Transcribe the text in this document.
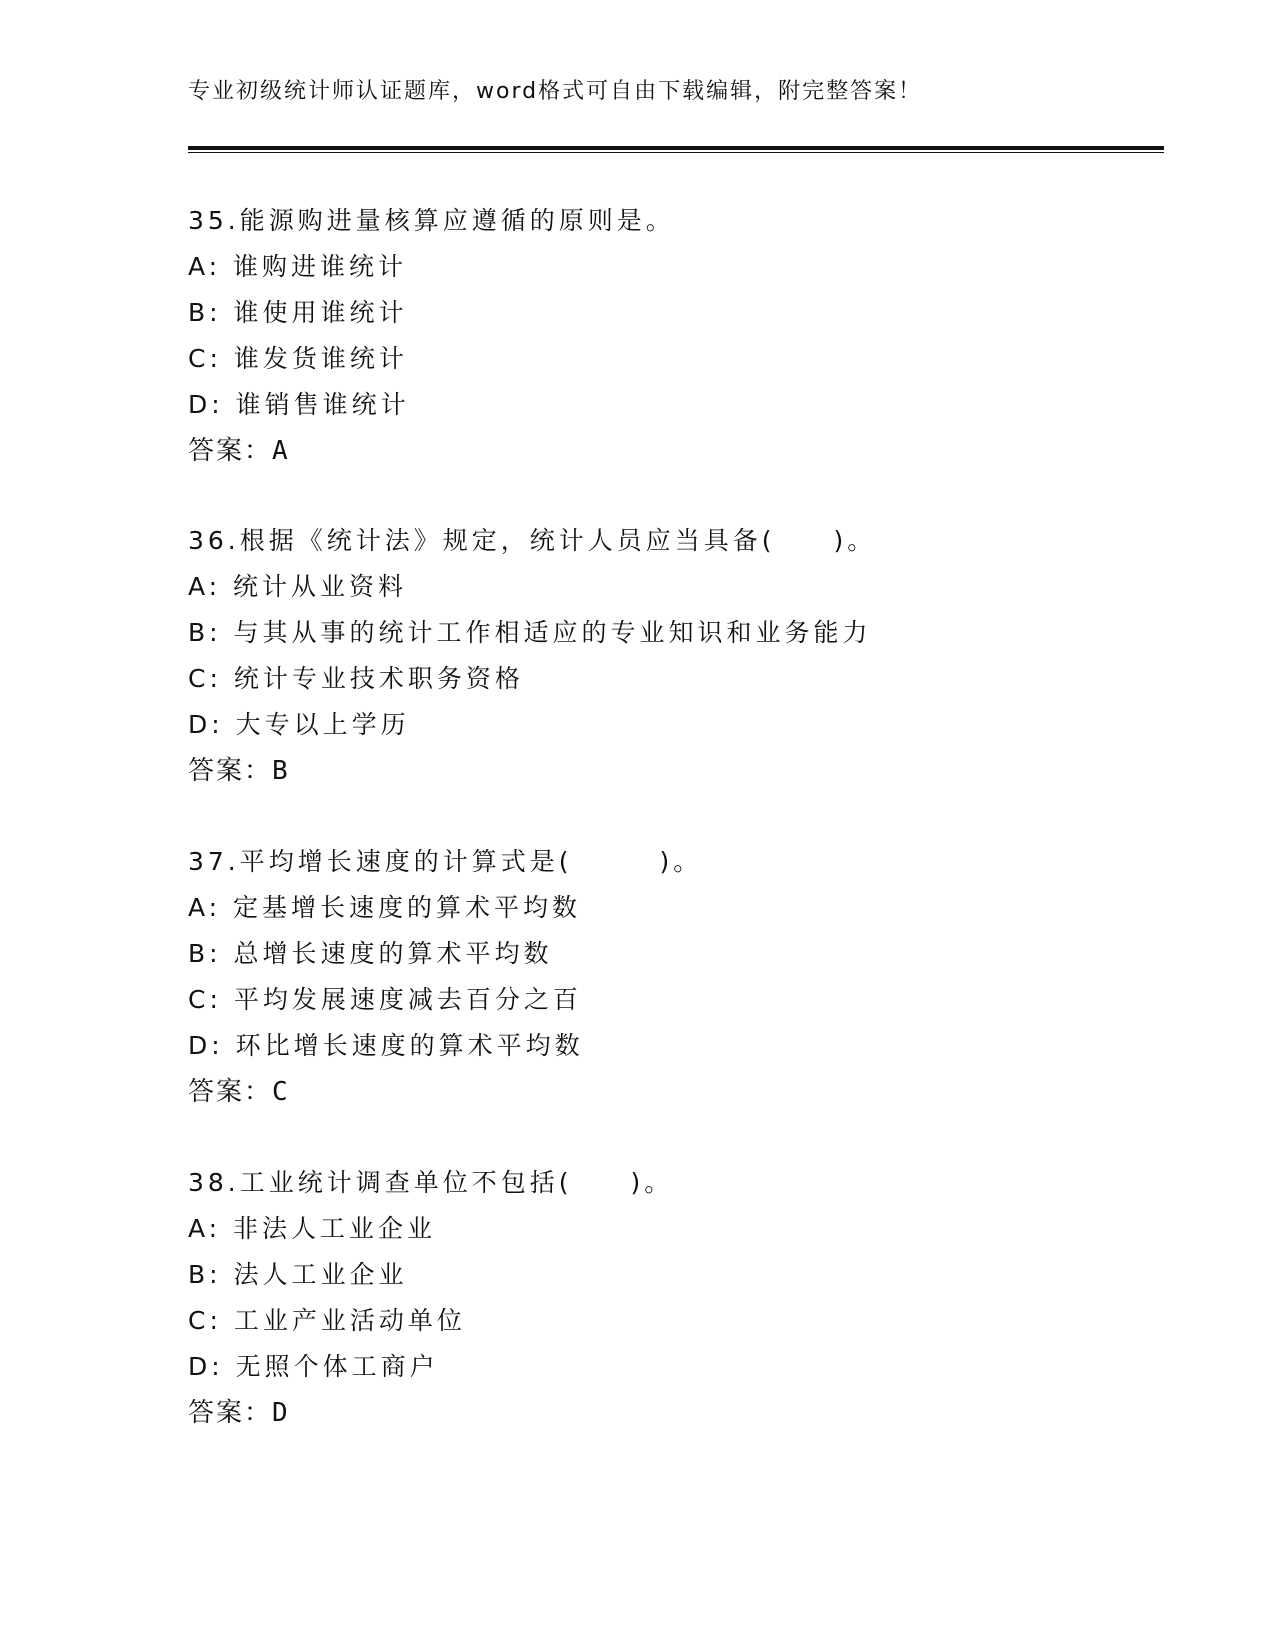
专业初级统计师认证题库，word格式可自由下载编辑，附完整答案！
35.能源购进量核算应遵循的原则是。
A: 谁购进谁统计
B: 谁使用谁统计
C: 谁发货谁统计
D: 谁销售谁统计
答案：A
36.根据《统计法》规定，统计人员应当具备(　　)。
A: 统计从业资料
B: 与其从事的统计工作相适应的专业知识和业务能力
C: 统计专业技术职务资格
D: 大专以上学历
答案：B
37.平均增长速度的计算式是(　　　)。
A: 定基增长速度的算术平均数
B: 总增长速度的算术平均数
C: 平均发展速度减去百分之百
D: 环比增长速度的算术平均数
答案：C
38.工业统计调查单位不包括(　　)。
A: 非法人工业企业
B: 法人工业企业
C: 工业产业活动单位
D: 无照个体工商户
答案：D
